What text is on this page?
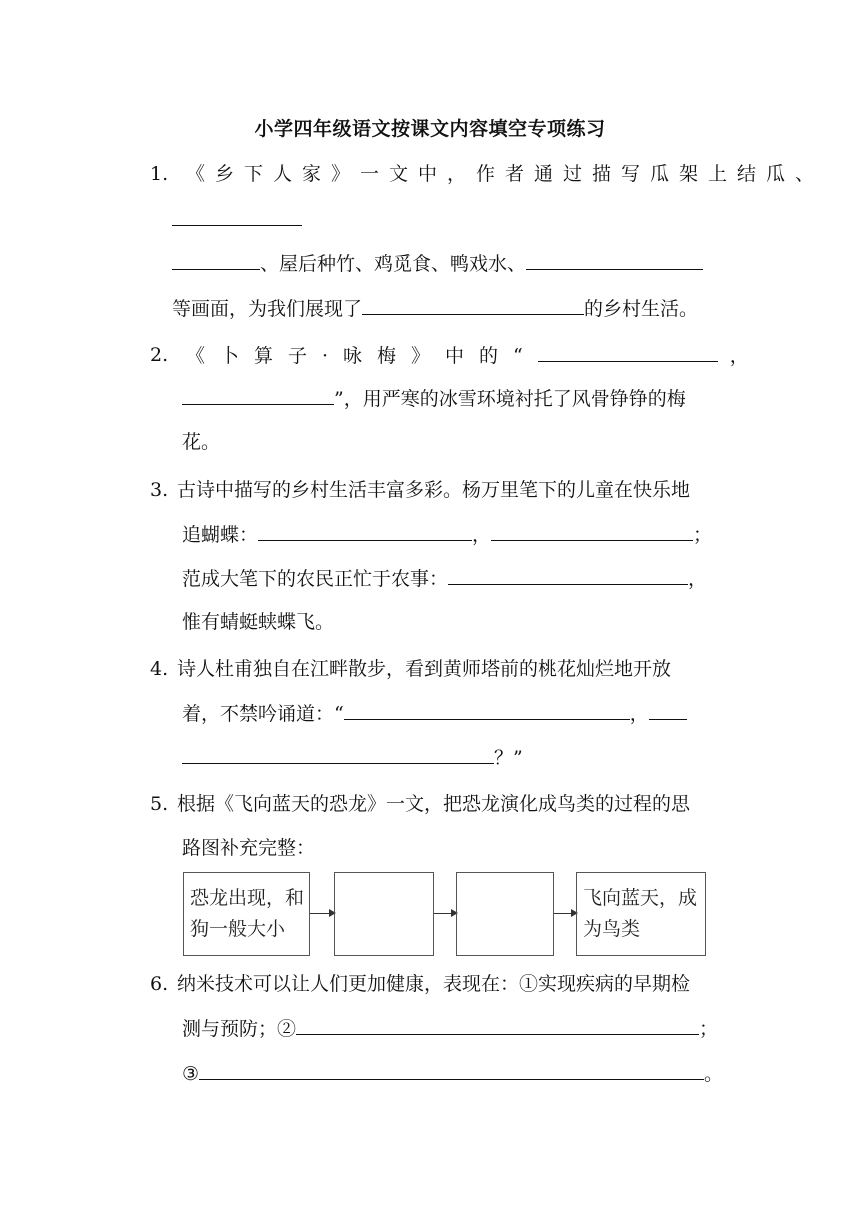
小学四年级语文按课文内容填空专项练习
1. 《乡下人家》一文中，作者通过描写瓜架上结瓜、
、屋后种竹、鸡觅食、鸭戏水、
等画面，为我们展现了	的乡村生活。
2. 《卜算子·咏梅》中的“	，
”，用严寒的冰雪环境衬托了风骨铮铮的梅
花。
3. 古诗中描写的乡村生活丰富多彩。杨万里笔下的儿童在快乐地
追蝴蝶：	，	；
范成大笔下的农民正忙于农事：	，
惟有蜻蜓蛱蝶飞。
4. 诗人杜甫独自在江畔散步，看到黄师塔前的桃花灿烂地开放
着，不禁吟诵道：“	，
？”
5. 根据《飞向蓝天的恐龙》一文，把恐龙演化成鸟类的过程的思
路图补充完整：
恐龙出现，和
狗一般大小
飞向蓝天，成
为鸟类
6. 纳米技术可以让人们更加健康，表现在：①实现疾病的早期检
测与预防；②	；
③	。
